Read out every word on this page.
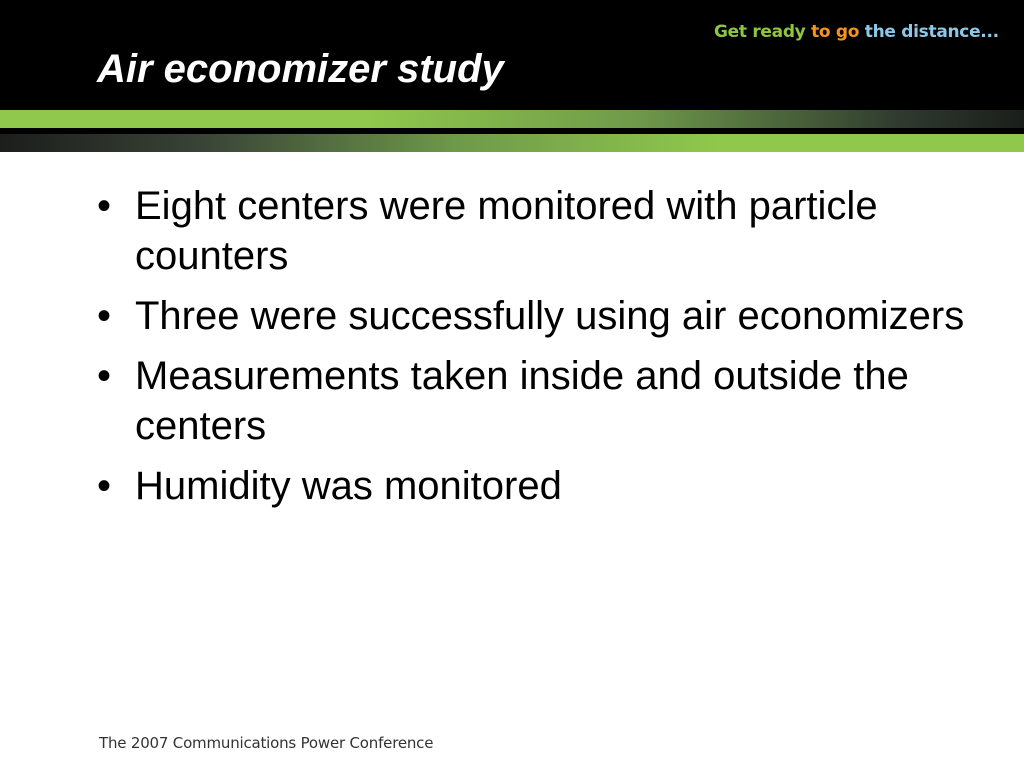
Air economizer study
Get ready to go the distance...
• Eight centers were monitored with particle counters
• Three were successfully using air economizers
• Measurements taken inside and outside the centers
• Humidity was monitored
The 2007 Communications Power Conference
